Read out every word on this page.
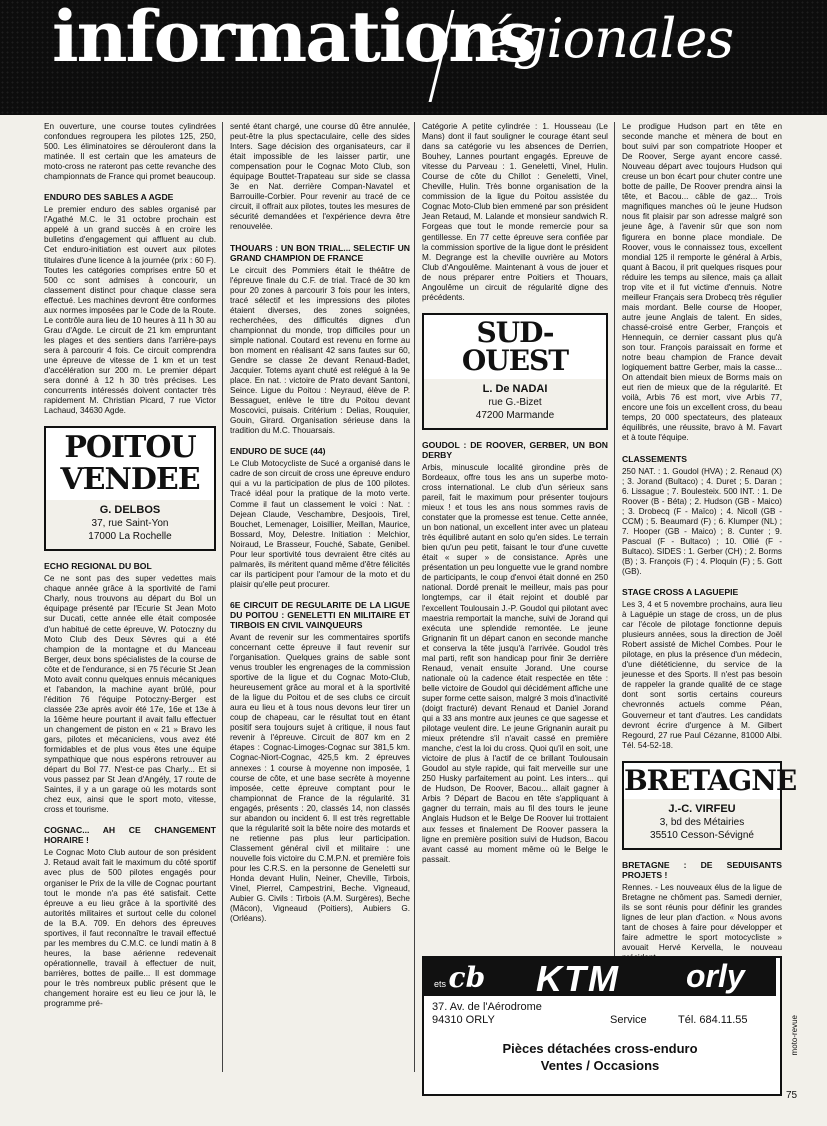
informations
régionales

En ouverture, une course toutes cylindrées confondues regroupera les pilotes 125, 250, 500. Les éliminatoires se dérouleront dans la matinée. Il est certain que les amateurs de moto-cross ne rateront pas cette revanche des championnats de France qui promet beaucoup.

ENDURO DES SABLES A AGDE

Le premier enduro des sables organisé par l'Agathé M.C. le 31 octobre prochain est appelé à un grand succès à en croire les bulletins d'engagement qui affluent au club. Cet enduro-initiation est ouvert aux pilotes titulaires d'une licence à la journée (prix : 60 F). Toutes les catégories comprises entre 50 et 500 cc sont admises à concourir, un classement distinct pour chaque classe sera effectué. Les machines devront être conformes aux normes imposées par le Code de la Route. Le contrôle aura lieu de 10 heures à 11 h 30 au Grau d'Agde. Le circuit de 21 km empruntant les plages et des sentiers dans l'arrière-pays sera à parcourir 4 fois. Ce circuit comprendra une épreuve de vitesse de 1 km et un test d'accélération sur 200 m. Le premier départ sera donné à 12 h 30 très précises. Les concurrents intéressés doivent contacter très rapidement M. Christian Picard, 7 rue Victor Lachaud, 34630 Agde.

POITOU VENDEE
G. DELBOS
37, rue Saint-Yon
17000 La Rochelle
ECHO REGIONAL DU BOL

Ce ne sont pas des super vedettes mais chaque année grâce à la sportivité de l'ami Charly, nous trouvons au départ du Bol un équipage présenté par l'Ecurie St Jean Moto sur Ducati, cette année elle était composée d'un habitué de cette épreuve, W. Potoczny du Moto Club des Deux Sèvres qui a été champion de la montagne et du Manceau Berger, deux bons spécialistes de la course de côte et de l'endurance, si en 75 l'écurie St Jean Moto avait connu quelques ennuis mécaniques et l'abandon, la machine ayant brûlé, pour l'édition 76 l'équipe Potoczny-Berger est classée 23e après avoir été 17e, 16e et 13e à la 16ème heure pourtant il avait fallu effectuer un changement de piston en « 21 » Bravo les gars, pilotes et mécaniciens, vous avez été formidables et de plus vous êtes une équipe sympathique que nous espérons retrouver au départ du Bol 77. N'est-ce pas Charly... Et si vous passez par St Jean d'Angély, 17 route de Saintes, il y a un garage où les motards sont chez eux, ainsi que le sport moto, vitesse, cross et tourisme.

COGNAC... AH CE CHANGEMENT HORAIRE !

Le Cognac Moto Club autour de son président J. Retaud avait fait le maximum du côté sportif avec plus de 500 pilotes engagés pour organiser le Prix de la ville de Cognac pourtant tout le monde n'a pas été satisfait. Cette épreuve a eu lieu grâce à la sportivité des autorités militaires et surtout celle du colonel de la B.A. 709. En dehors des épreuves sportives, il faut reconnaître le travail effectué par les membres du C.M.C. ce lundi matin à 8 heures, la base aérienne redevenait opérationnelle, travail à effectuer de nuit, barrières, bottes de paille... Il est dommage pour le très nombreux public présent que le changement horaire est eu lieu ce jour là, le programme pré-

senté étant chargé, une course dû être annulée, peut-être la plus spectaculaire, celle des sides Inters. Sage décision des organisateurs, car il était impossible de les laisser partir, une compensation pour le Cognac Moto Club, son équipage Bouttet-Trapateau sur side se classa 3e en Nat. derrière Compan-Navatel et Barrouille-Corbier. Pour revenir au tracé de ce circuit, il offrait aux pilotes, toutes les mesures de sécurité demandées et l'expérience devra être renouvelée.

THOUARS : UN BON TRIAL... SELECTIF UN GRAND CHAMPION DE FRANCE

Le circuit des Pommiers était le théâtre de l'épreuve finale du C.F. de trial. Tracé de 30 km pour 20 zones à parcourir 3 fois pour les inters, tracé sélectif et les impressions des pilotes étaient diverses, des zones soignées, recherchées, des difficultés dignes d'un championnat du monde, trop difficiles pour un simple national. Coutard est revenu en forme au bon moment en réalisant 42 sans fautes sur 60, Gendre se classe 2e devant Renaud-Badet, Jacquier. Totems ayant chuté est relégué à la 9e place. En nat. : victoire de Prato devant Santoni, Seince. Ligue du Poitou : Neyraud, élève de P. Bessaguet, enlève le titre du Poitou devant Moscovici, puisais. Critérium : Delias, Rouquier, Gouin, Girard. Organisation sérieuse dans la tradition du M.C. Thouarsais.

ENDURO DE SUCE (44)

Le Club Motocycliste de Sucé a organisé dans le cadre de son circuit de cross une épreuve enduro qui a vu la participation de plus de 100 pilotes. Tracé idéal pour la pratique de la moto verte. Comme il faut un classement le voici : Nat. : Dejean Claude, Veschambre, Desjoois, Tirel, Bouchet, Lemenager, Loisillier, Meillan, Maurice, Bossard, Moy, Delestre. Initiation : Melchior, Noiraud, Le Brasseur, Fouché, Sabate, Genibel. Pour leur sportivité tous devraient être cités au palmarès, ils méritent quand même d'être félicités car ils participent pour l'amour de la moto et du plaisir qu'elle peut procurer.

6E CIRCUIT DE REGULARITE DE LA LIGUE DU POITOU : GENELETTI EN MILITAIRE ET TIRBOIS EN CIVIL VAINQUEURS

Avant de revenir sur les commentaires sportifs concernant cette épreuve il faut revenir sur l'organisation. Quelques grains de sable sont venus troubler les engrenages de la commission sportive de la ligue et du Cognac Moto-Club, heureusement grâce au moral et à la sportivité de la ligue du Poitou et de ses clubs ce circuit aura eu lieu et à tous nous devons leur tirer un coup de chapeau, car le résultat tout en étant positif sera toujours sujet à critique, il nous faut revenir à l'épreuve. Circuit de 807 km en 2 étapes : Cognac-Limoges-Cognac sur 381,5 km. Cognac-Niort-Cognac, 425,5 km. 2 épreuves annexes : 1 course à moyenne non imposée, 1 course de côte, et une base secrète à moyenne imposée, cette épreuve comptant pour le championnat de France de la régularité. 31 engagés, présents : 20, classés 14, non classés sur abandon ou incident 6. Il est très regrettable que la régularité soit la bête noire des motards et ne retienne pas plus leur participation. Classement général civil et militaire : une nouvelle fois victoire du C.M.P.N. et première fois pour les C.R.S. en la personne de Geneletti sur Honda devant Hulin, Neiner, Cheville, Tirbois, Vinel, Pierrel, Campestrini, Beche. Vigneaud, Aubier G. Civils : Tirbois (A.M. Surgères), Beche (Mâcon), Vigneaud (Poitiers), Aubiers G. (Orléans).

Catégorie A petite cylindrée : 1. Housseau (Le Mans) dont il faut souligner le courage étant seul dans sa catégorie vu les absences de Derrien, Bouhey, Lannes pourtant engagés. Epreuve de vitesse du Parveau : 1. Geneletti, Vinel, Hulin. Course de côte du Chillot : Geneletti, Vinel, Cheville, Hulin. Très bonne organisation de la commission de la ligue du Poitou assistée du Cognac Moto-Club bien emmené par son président Jean Retaud, M. Lalande et monsieur sandwich R. Forgeas que tout le monde remercie pour sa gentillesse. En 77 cette épreuve sera confiée par la commission sportive de la ligue dont le président M. Degrange est la cheville ouvrière au Motors Club d'Angoulême. Maintenant à vous de jouer et de nous préparer entre Poitiers et Thouars, Angoulême un circuit de régularité digne des précédents.

SUD-OUEST
L. De NADAI
rue G.-Bizet
47200 Marmande
GOUDOL : DE ROOVER, GERBER, UN BON DERBY

Arbis, minuscule localité girondine près de Bordeaux, offre tous les ans un superbe moto-cross international. Le club d'un sérieux sans pareil, fait le maximum pour présenter toujours mieux ! et tous les ans nous sommes ravis de constater que la promesse est tenue. Cette année, un bon national, un excellent inter avec un plateau très équilibré autant en solo qu'en sides. Le terrain bien qu'un peu petit, faisant le tour d'une cuvette était « super » de consistance. Après une présentation un peu longuette vue le grand nombre de participants, le coup d'envoi était donné en 250 national. Dordé prenait le meilleur, mais pas pour longtemps, car il était rejoint et doublé par l'excellent Toulousain J.-P. Goudol qui pilotant avec maestria remportait la manche, suivi de Jorand qui exécuta une splendide remontée. Le jeune Grignanin fit un départ canon en seconde manche et conserva la tête jusqu'à l'arrivée. Goudol très mal parti, refit son handicap pour finir 3e derrière Renaud, venait ensuite Jorand. Une course nationale où la cadence était respectée en tête : belle victoire de Goudol qui décidément affiche une super forme cette saison, malgré 3 mois d'inactivité (doigt fracturé) devant Renaud et Daniel Jorand qui a 33 ans montre aux jeunes ce que sagesse et pilotage veulent dire. Le jeune Grignanin aurait pu mieux prétendre s'il n'avait cassé en première manche, c'est la loi du cross. Quoi qu'il en soit, une victoire de plus à l'actif de ce brillant Toulousain Goudol au style rapide, qui fait merveille sur une 250 Husky parfaitement au point. Les inters... qui de Hudson, De Roover, Bacou... allait gagner à Arbis ? Départ de Bacou en tête s'appliquant à gagner du terrain, mais au fil des tours le jeune Anglais Hudson et le Belge De Roover lui trottaient aux fesses et finalement De Roover passera la ligne en première position suivi de Hudson, Bacou avant cassé au moment même où le Belge le passait.

Le prodigue Hudson part en tête en seconde manche et mènera de bout en bout suivi par son compatriote Hooper et De Roover, Serge ayant encore cassé. Nouveau départ avec toujours Hudson qui creuse un bon écart pour chuter contre une botte de paille, De Roover prendra ainsi la tête, et Bacou... câble de gaz... Trois magnifiques manches où le jeune Hudson nous fit plaisir par son adresse malgré son jeune âge, à l'avenir sûr que son nom figurera en bonne place mondiale. De Roover, vous le connaissez tous, excellent mondial 125 il remporte le général à Arbis, quant à Bacou, il prit quelques risques pour réduire les temps au silence, mais ça allait trop vite et il fut victime d'ennuis. Notre meilleur Français sera Drobecq très régulier mais mordant. Belle course de Hooper, autre jeune Anglais de talent. En sides, chassé-croisé entre Gerber, François et Hennequin, ce dernier cassant plus qu'à son tour. François paraissait en forme et notre beau champion de France devait logiquement battre Gerber, mais la casse... On attendait bien mieux de Borms mais on eut rien de mieux que de la régularité. Et voilà, Arbis 76 est mort, vive Arbis 77, encore une fois un excellent cross, du beau temps, 20 000 spectateurs, des plateaux équilibrés, une réussite, bravo à M. Favart et à toute l'équipe.

CLASSEMENTS

250 NAT. : 1. Goudol (HVA) ; 2. Renaud (X) ; 3. Jorand (Bultaco) ; 4. Duret ; 5. Daran ; 6. Lissague ; 7. Boulesteix. 500 INT. : 1. De Roover (B - Béta) ; 2. Hudson (GB - Maico) ; 3. Drobecq (F - Maïco) ; 4. Nicoll (GB - CCM) ; 5. Beaumard (F) ; 6. Klumper (NL) ; 7. Hooper (GB - Maico) ; 8. Cunter ; 9. Pascual (F - Bultaco) ; 10. Ollié (F - Bultaco). SIDES : 1. Gerber (CH) ; 2. Borms (B) ; 3. François (F) ; 4. Ploquin (F) ; 5. Gott (GB).

STAGE CROSS A LAGUEPIE

Les 3, 4 et 5 novembre prochains, aura lieu à Laguépie un stage de cross, un de plus car l'école de pilotage fonctionne depuis plusieurs années, sous la direction de Joël Robert assisté de Michel Combes. Pour le pilotage, en plus la présence d'un médecin, d'une diététicienne, du service de la jeunesse et des Sports. Il n'est pas besoin de rappeler la grande qualité de ce stage dont sont sortis certains coureurs chevronnés actuels comme Péan, Gouverneur et tant d'autres. Les candidats devront écrire d'urgence à M. Gilbert Regourd, 27 rue Paul Cézanne, 81000 Albi. Tél. 54-52-18.

BRETAGNE
J.-C. VIRFEU
3, bd des Métairies
35510 Cesson-Sévigné
BRETAGNE : DE SEDUISANTS PROJETS !

Rennes. - Les nouveaux élus de la ligue de Bretagne ne chôment pas. Samedi dernier, ils se sont réunis pour définir les grandes lignes de leur plan d'action. « Nous avons tant de choses à faire pour développer et faire admettre le sport motocycliste » avouait Hervé Kervella, le nouveau

ets cb KTM orly
37. Av. de l'Aérodrome
94310 ORLY	Service	Tél. 684.11.55
Pièces détachées cross-enduro
Ventes / Occasions
moto-revue
75
